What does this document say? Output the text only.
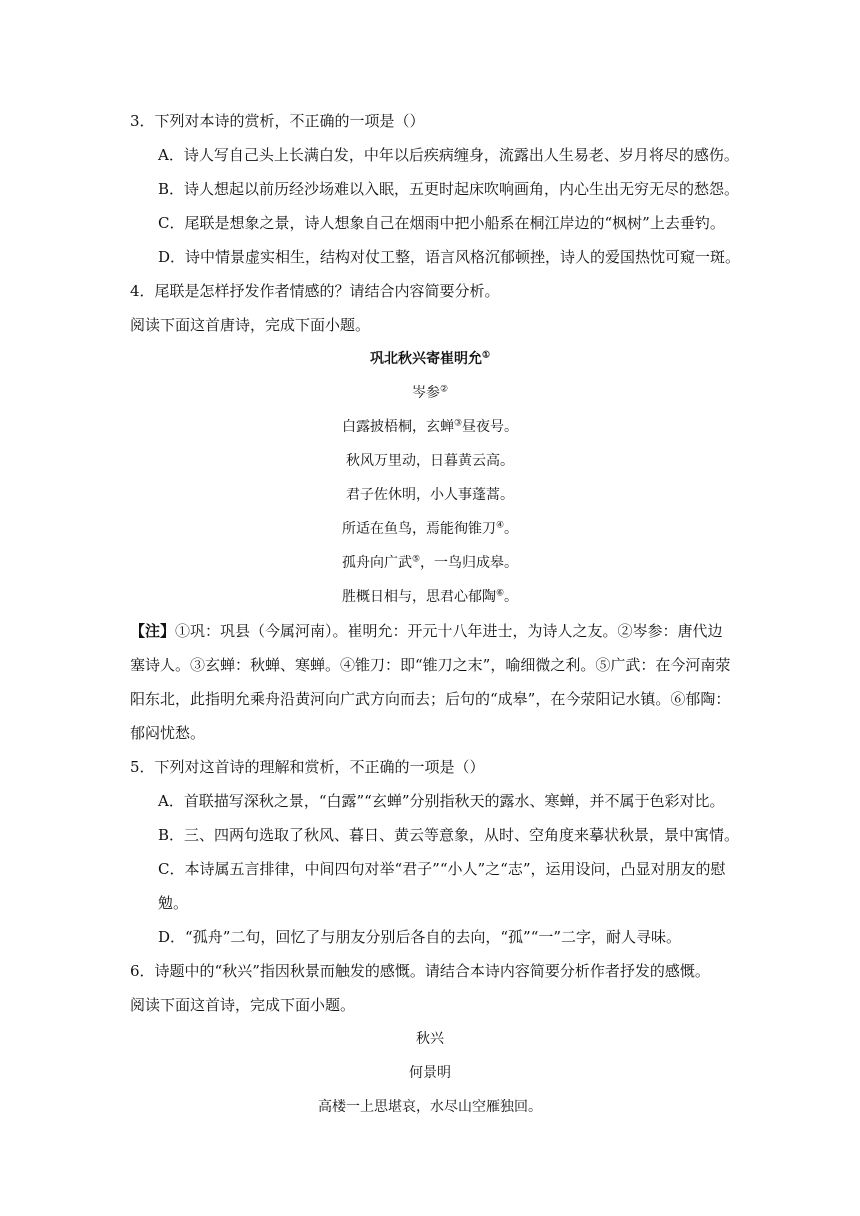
3．下列对本诗的赏析，不正确的一项是（）
A．诗人写自己头上长满白发，中年以后疾病缠身，流露出人生易老、岁月将尽的感伤。
B．诗人想起以前历经沙场难以入眠，五更时起床吹响画角，内心生出无穷无尽的愁怨。
C．尾联是想象之景，诗人想象自己在烟雨中把小船系在桐江岸边的“枫树”上去垂钓。
D．诗中情景虚实相生，结构对仗工整，语言风格沉郁顿挫，诗人的爱国热忱可窥一斑。
4．尾联是怎样抒发作者情感的？请结合内容简要分析。
阅读下面这首唐诗，完成下面小题。
巩北秋兴寄崔明允①
岑参②
白露披梧桐，玄蝉③昼夜号。
秋风万里动，日暮黄云高。
君子佐休明，小人事蓬蒿。
所适在鱼鸟，焉能徇锥刀④。
孤舟向广武⑤，一鸟归成皋。
胜概日相与，思君心郁陶⑥。
【注】①巩：巩县（今属河南）。崔明允：开元十八年进士，为诗人之友。②岑参：唐代边
塞诗人。③玄蝉：秋蝉、寒蝉。④锥刀：即“锥刀之末”，喻细微之利。⑤广武：在今河南荥
阳东北，此指明允乘舟沿黄河向广武方向而去；后句的“成皋”，在今荥阳记水镇。⑥郁陶：
郁闷忧愁。
5．下列对这首诗的理解和赏析，不正确的一项是（）
A．首联描写深秋之景，“白露”“玄蝉”分别指秋天的露水、寒蝉，并不属于色彩对比。
B．三、四两句选取了秋风、暮日、黄云等意象，从时、空角度来摹状秋景，景中寓情。
C．本诗属五言排律，中间四句对举“君子”“小人”之“志”，运用设问，凸显对朋友的慰
勉。
D．“孤舟”二句，回忆了与朋友分别后各自的去向，“孤”“一”二字，耐人寻味。
6．诗题中的“秋兴”指因秋景而触发的感慨。请结合本诗内容简要分析作者抒发的感慨。
阅读下面这首诗，完成下面小题。
秋兴
何景明
高楼一上思堪哀，水尽山空雁独回。
